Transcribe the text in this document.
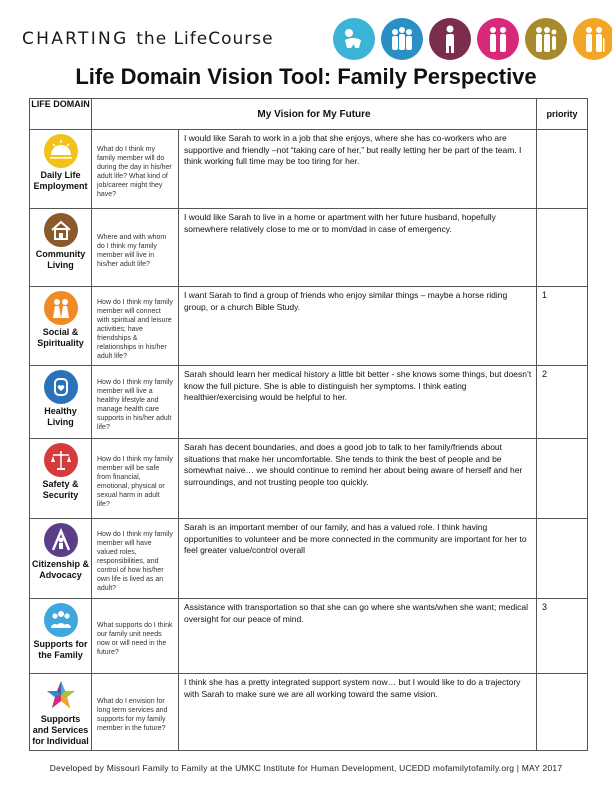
CHARTING the LifeCourse
Life Domain Vision Tool: Family Perspective
LIFE DOMAIN	My Vision for My Future		priority

Daily Life Employment	What do I think my family member will do during the day in his/her adult life? What kind of job/career might they have?	I would like Sarah to work in a job that she enjoys, where she has co-workers who are supportive and friendly –not “taking care of her,” but really letting her be part of the team. I think working full time may be too tiring for her.	

Community Living	Where and with whom do I think my family member will live in his/her adult life?	I would like Sarah to live in a home or apartment with her future husband, hopefully somewhere relatively close to me or to mom/dad in case of emergency.	

Social & Spirituality	How do I think my family member will connect with spiritual and leisure activities; have friendships & relationships in his/her adult life?	I want Sarah to find a group of friends who enjoy similar things – maybe a horse riding group, or a church Bible Study.	1

Healthy Living	How do I think my family member will live a healthy lifestyle and manage health care supports in his/her adult life?	Sarah should learn her medical history a little bit better - she knows some things, but doesn’t know the full picture. She is able to distinguish her symptoms. I think eating healthier/exercising would be helpful to her.	2

Safety & Security	How do I think my family member will be safe from financial, emotional, physical or sexual harm in adult life?	Sarah has decent boundaries, and does a good job to talk to her family/friends about situations that make her uncomfortable. She tends to think the best of people and be somewhat naive… we should continue to remind her about being aware of herself and her surroundings, and not trusting people too quickly.	

Citizenship & Advocacy	How do I think my family member will have valued roles, responsibilities, and control of how his/her own life is lived as an adult?	Sarah is an important member of our family, and has a valued role. I think having opportunities to volunteer and be more connected in the community are important for her to feel greater value/control overall	

Supports for the Family	What supports do I think our family unit needs now or will need in the future?	Assistance with transportation so that she can go where she wants/when she want; medical oversight for our peace of mind.	3

Supports and Services for Individual	What do I envision for long term services and supports for my family member in the future?	I think she has a pretty integrated support system now… but I would like to do a trajectory with Sarah to make sure we are all working toward the same vision.	
Developed by Missouri Family to Family at the UMKC Institute for Human Development, UCEDD mofamilytofamily.org | MAY 2017
